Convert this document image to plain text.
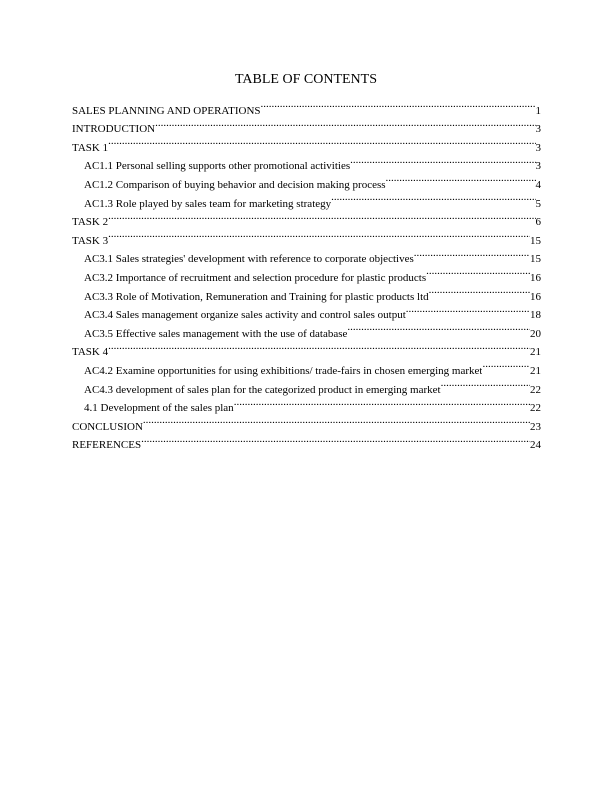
TABLE OF CONTENTS
SALES PLANNING AND OPERATIONS .....	1
INTRODUCTION .....	3
TASK 1 .....	3
AC1.1 Personal selling supports other promotional activities .....	3
AC1.2 Comparison of buying behavior and decision making process .....	4
AC1.3 Role played by sales team for marketing strategy .....	5
TASK 2 .....	6
TASK 3 .....	15
AC3.1 Sales strategies' development with reference to corporate objectives .....	15
AC3.2 Importance of recruitment and selection procedure for plastic products .....	16
AC3.3 Role of Motivation, Remuneration and Training for plastic products ltd .....	16
AC3.4 Sales management organize sales activity and control sales output .....	18
AC3.5 Effective sales management with the use of database .....	20
TASK 4 .....	21
AC4.2 Examine opportunities for using exhibitions/ trade-fairs in chosen emerging market .....	21
AC4.3 development of sales plan for the categorized product in emerging market .....	22
4.1 Development of the sales plan .....	22
CONCLUSION .....	23
REFERENCES .....	24
